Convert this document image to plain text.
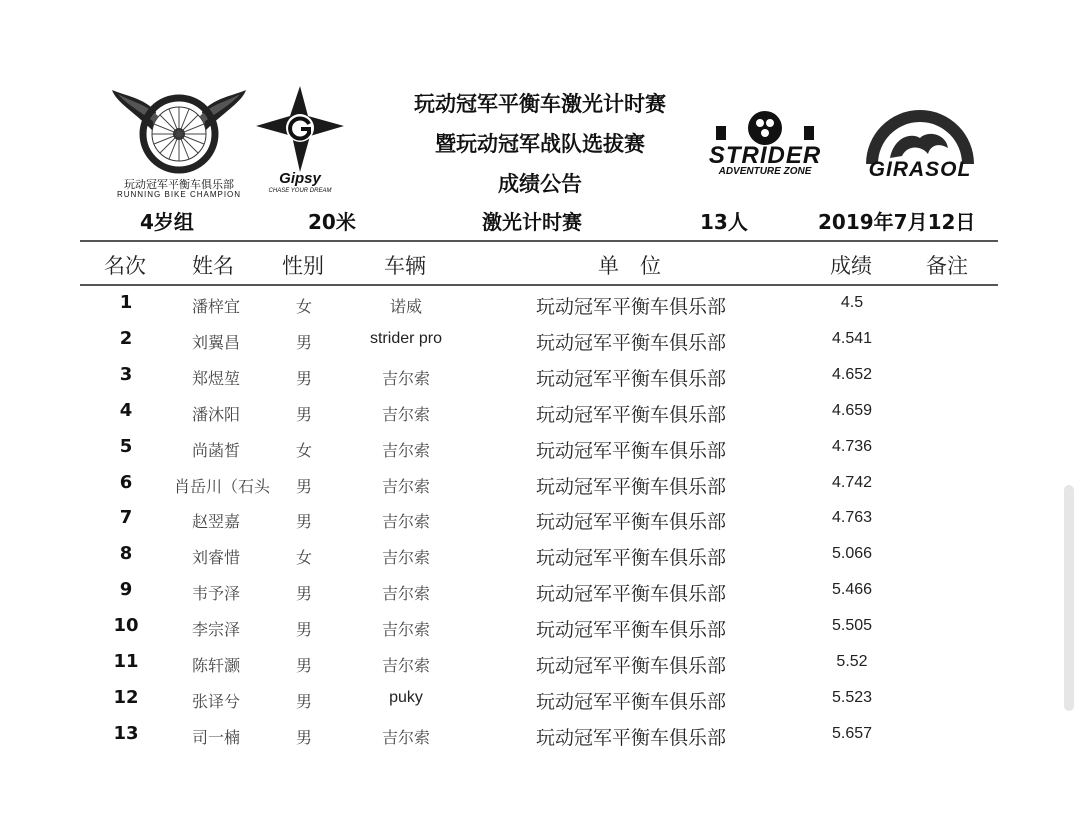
玩动冠军平衡车俱乐部
RUNNING BIKE CHAMPION
Gipsy
CHASE YOUR DREAM
STRIDER
ADVENTURE ZONE	GIRASOL
玩动冠军平衡车激光计时赛
暨玩动冠军战队选拔赛
成绩公告
4岁组	20米	激光计时赛	13人	2019年7月12日
名次 姓名 性别	车辆	单　位	成绩	备注
1	潘梓宜	女	诺威	玩动冠军平衡车俱乐部	4.5
2	刘翼昌	男	strider pro	玩动冠军平衡车俱乐部	4.541
3	郑煜堃	男	吉尔索	玩动冠军平衡车俱乐部	4.652
4	潘沐阳	男	吉尔索	玩动冠军平衡车俱乐部	4.659
5	尚菡皙	女	吉尔索	玩动冠军平衡车俱乐部	4.736
6	肖岳川（石头	男	吉尔索	玩动冠军平衡车俱乐部	4.742
7	赵翌嘉	男	吉尔索	玩动冠军平衡车俱乐部	4.763
8	刘睿惜	女	吉尔索	玩动冠军平衡车俱乐部	5.066
9	韦予泽	男	吉尔索	玩动冠军平衡车俱乐部	5.466
10	李宗泽	男	吉尔索	玩动冠军平衡车俱乐部	5.505
11	陈轩灏	男	吉尔索	玩动冠军平衡车俱乐部	5.52
12	张译兮	男	puky	玩动冠军平衡车俱乐部	5.523
13	司一楠	男	吉尔索	玩动冠军平衡车俱乐部	5.657
